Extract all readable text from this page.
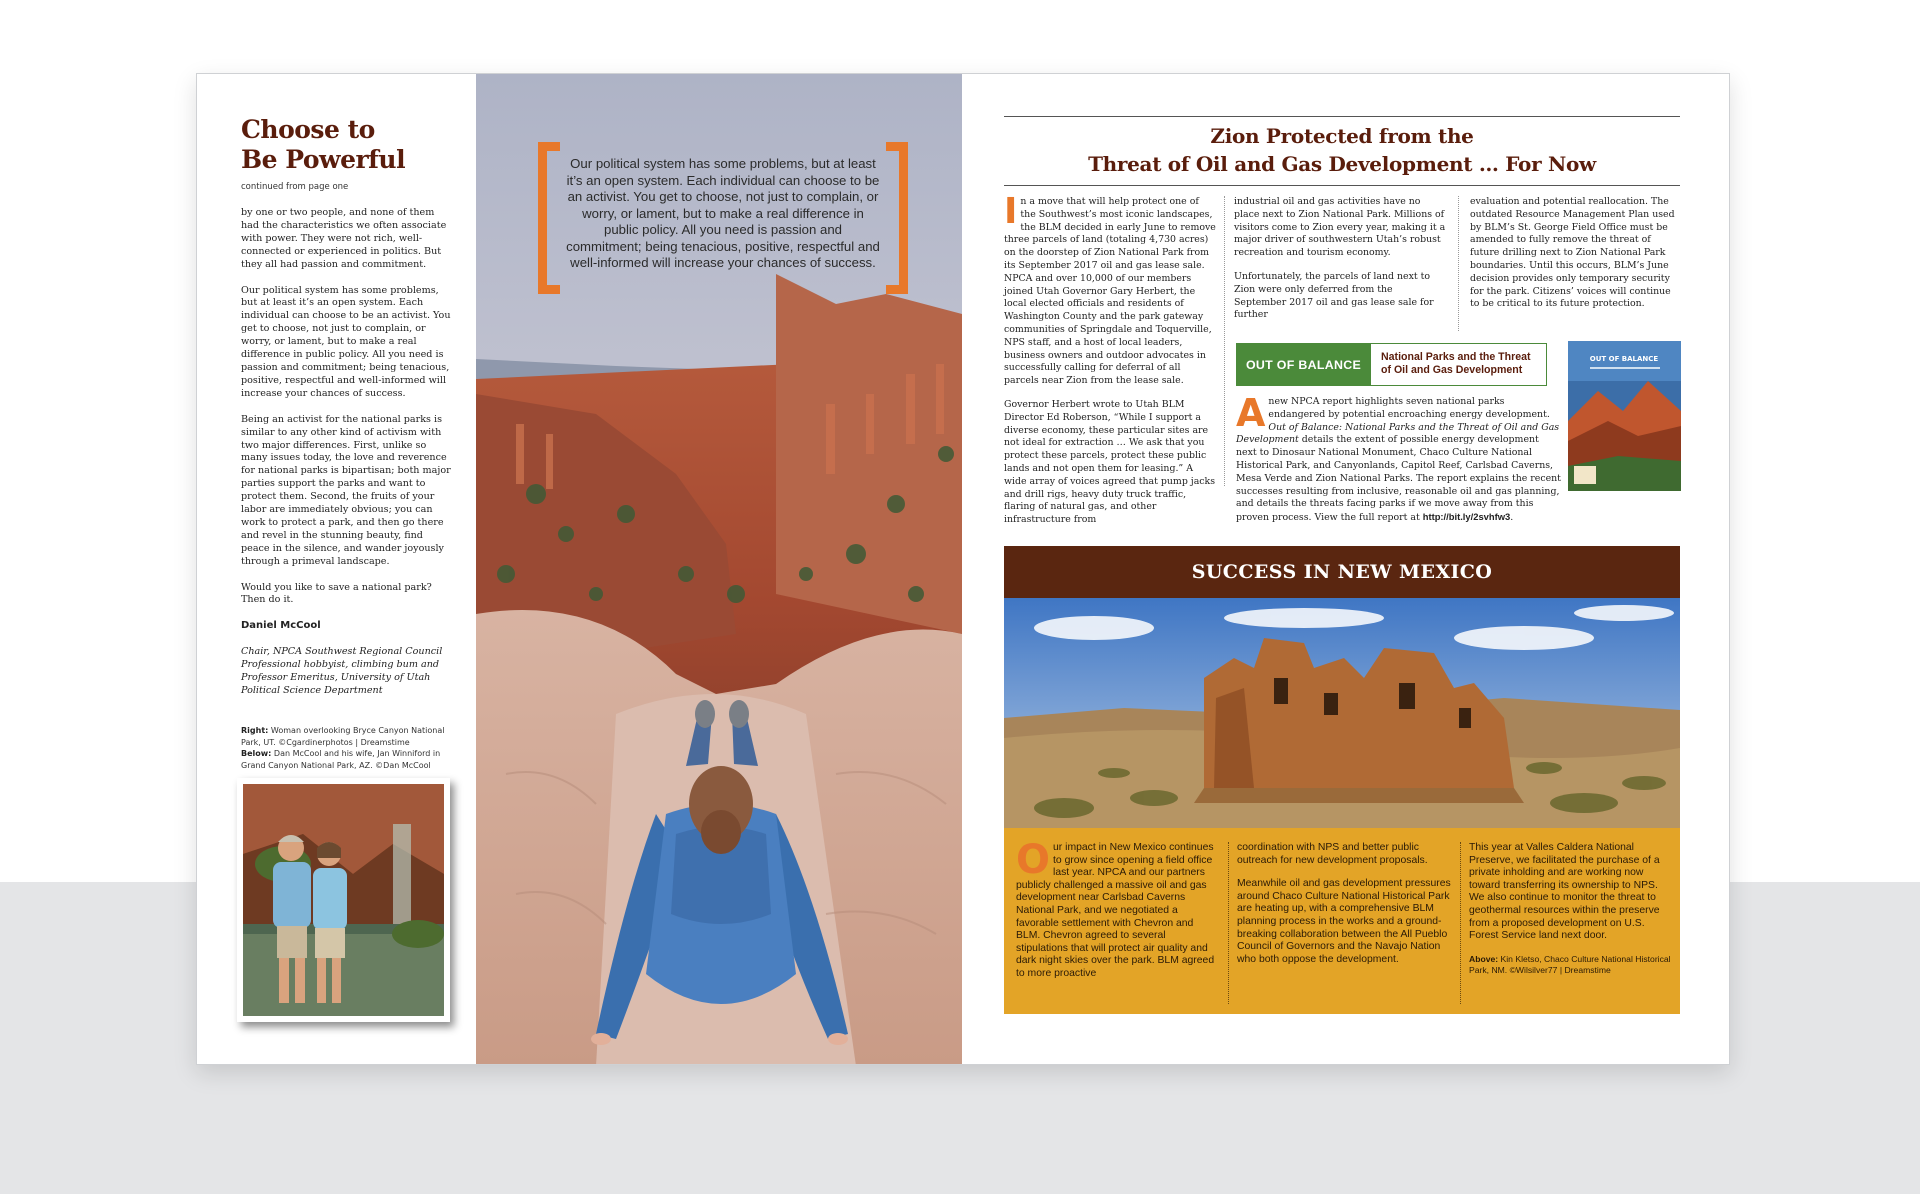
Choose to
Be Powerful
continued from page one

by one or two people, and none of them had the characteristics we often associate with power. They were not rich, well-connected or experienced in politics. But they all had passion and commitment.

Our political system has some problems, but at least it’s an open system. Each individual can choose to be an activist. You get to choose, not just to complain, or worry, or lament, but to make a real difference in public policy. All you need is passion and commitment; being tenacious, positive, respectful and well-informed will increase your chances of success.

Being an activist for the national parks is similar to any other kind of activism with two major differences. First, unlike so many issues today, the love and reverence for national parks is bipartisan; both major parties support the parks and want to protect them. Second, the fruits of your labor are immediately obvious; you can work to protect a park, and then go there and revel in the stunning beauty, find peace in the silence, and wander joyously through a primeval landscape.

Would you like to save a national park? Then do it.

Daniel McCool

Chair, NPCA Southwest Regional Council Professional hobbyist, climbing bum and Professor Emeritus, University of Utah Political Science Department

Right: Woman overlooking Bryce Canyon National Park, UT. ©Cgardinerphotos | Dreamstime
Below: Dan McCool and his wife, Jan Winniford in Grand Canyon National Park, AZ. ©Dan McCool
Our political system has some problems, but at least it’s an open system. Each individual can choose to be an activist. You get to choose, not just to complain, or worry, or lament, but to make a real difference in public policy. All you need is passion and commitment; being tenacious, positive, respectful and well-informed will increase your chances of success.
Zion Protected from the
Threat of Oil and Gas Development … For Now

In a move that will help protect one of the Southwest’s most iconic landscapes, the BLM decided in early June to remove three parcels of land (totaling 4,730 acres) on the doorstep of Zion National Park from its September 2017 oil and gas lease sale. NPCA and over 10,000 of our members joined Utah Governor Gary Herbert, the local elected officials and residents of Washington County and the park gateway communities of Springdale and Toquerville, NPS staff, and a host of local leaders, business owners and outdoor advocates in successfully calling for deferral of all parcels near Zion from the lease sale.

Governor Herbert wrote to Utah BLM Director Ed Roberson, “While I support a diverse economy, these particular sites are not ideal for extraction … We ask that you protect these parcels, protect these public lands and not open them for leasing.” A wide array of voices agreed that pump jacks and drill rigs, heavy duty truck traffic, flaring of natural gas, and other infrastructure from

industrial oil and gas activities have no place next to Zion National Park. Millions of visitors come to Zion every year, making it a major driver of southwestern Utah’s robust recreation and tourism economy.

Unfortunately, the parcels of land next to Zion were only deferred from the September 2017 oil and gas lease sale for further

evaluation and potential reallocation. The outdated Resource Management Plan used by BLM’s St. George Field Office must be amended to fully remove the threat of future drilling next to Zion National Park boundaries. Until this occurs, BLM’s June decision provides only temporary security for the park. Citizens’ voices will continue to be critical to its future protection.

OUT OF BALANCE
National Parks and the Threat
of Oil and Gas Development
OUT OF BALANCE
A new NPCA report highlights seven national parks endangered by potential encroaching energy development. Out of Balance: National Parks and the Threat of Oil and Gas Development details the extent of possible energy development next to Dinosaur National Monument, Chaco Culture National Historical Park, and Canyonlands, Capitol Reef, Carlsbad Caverns, Mesa Verde and Zion National Parks. The report explains the recent successes resulting from inclusive, reasonable oil and gas planning, and details the threats facing parks if we move away from this proven process. View the full report at http://bit.ly/2svhfw3.
SUCCESS IN NEW MEXICO
Our impact in New Mexico continues to grow since opening a field office last year. NPCA and our partners publicly challenged a massive oil and gas development near Carlsbad Caverns National Park, and we negotiated a favorable settlement with Chevron and BLM. Chevron agreed to several stipulations that will protect air quality and dark night skies over the park. BLM agreed to more proactive

coordination with NPS and better public outreach for new development proposals.

Meanwhile oil and gas development pressures around Chaco Culture National Historical Park are heating up, with a comprehensive BLM planning process in the works and a ground-breaking collaboration between the All Pueblo Council of Governors and the Navajo Nation who both oppose the development.

This year at Valles Caldera National Preserve, we facilitated the purchase of a private inholding and are working now toward transferring its ownership to NPS. We also continue to monitor the threat to geothermal resources within the preserve from a proposed development on U.S. Forest Service land next door.

Above: Kin Kletso, Chaco Culture National Historical Park, NM. ©Wilsilver77 | Dreamstime
